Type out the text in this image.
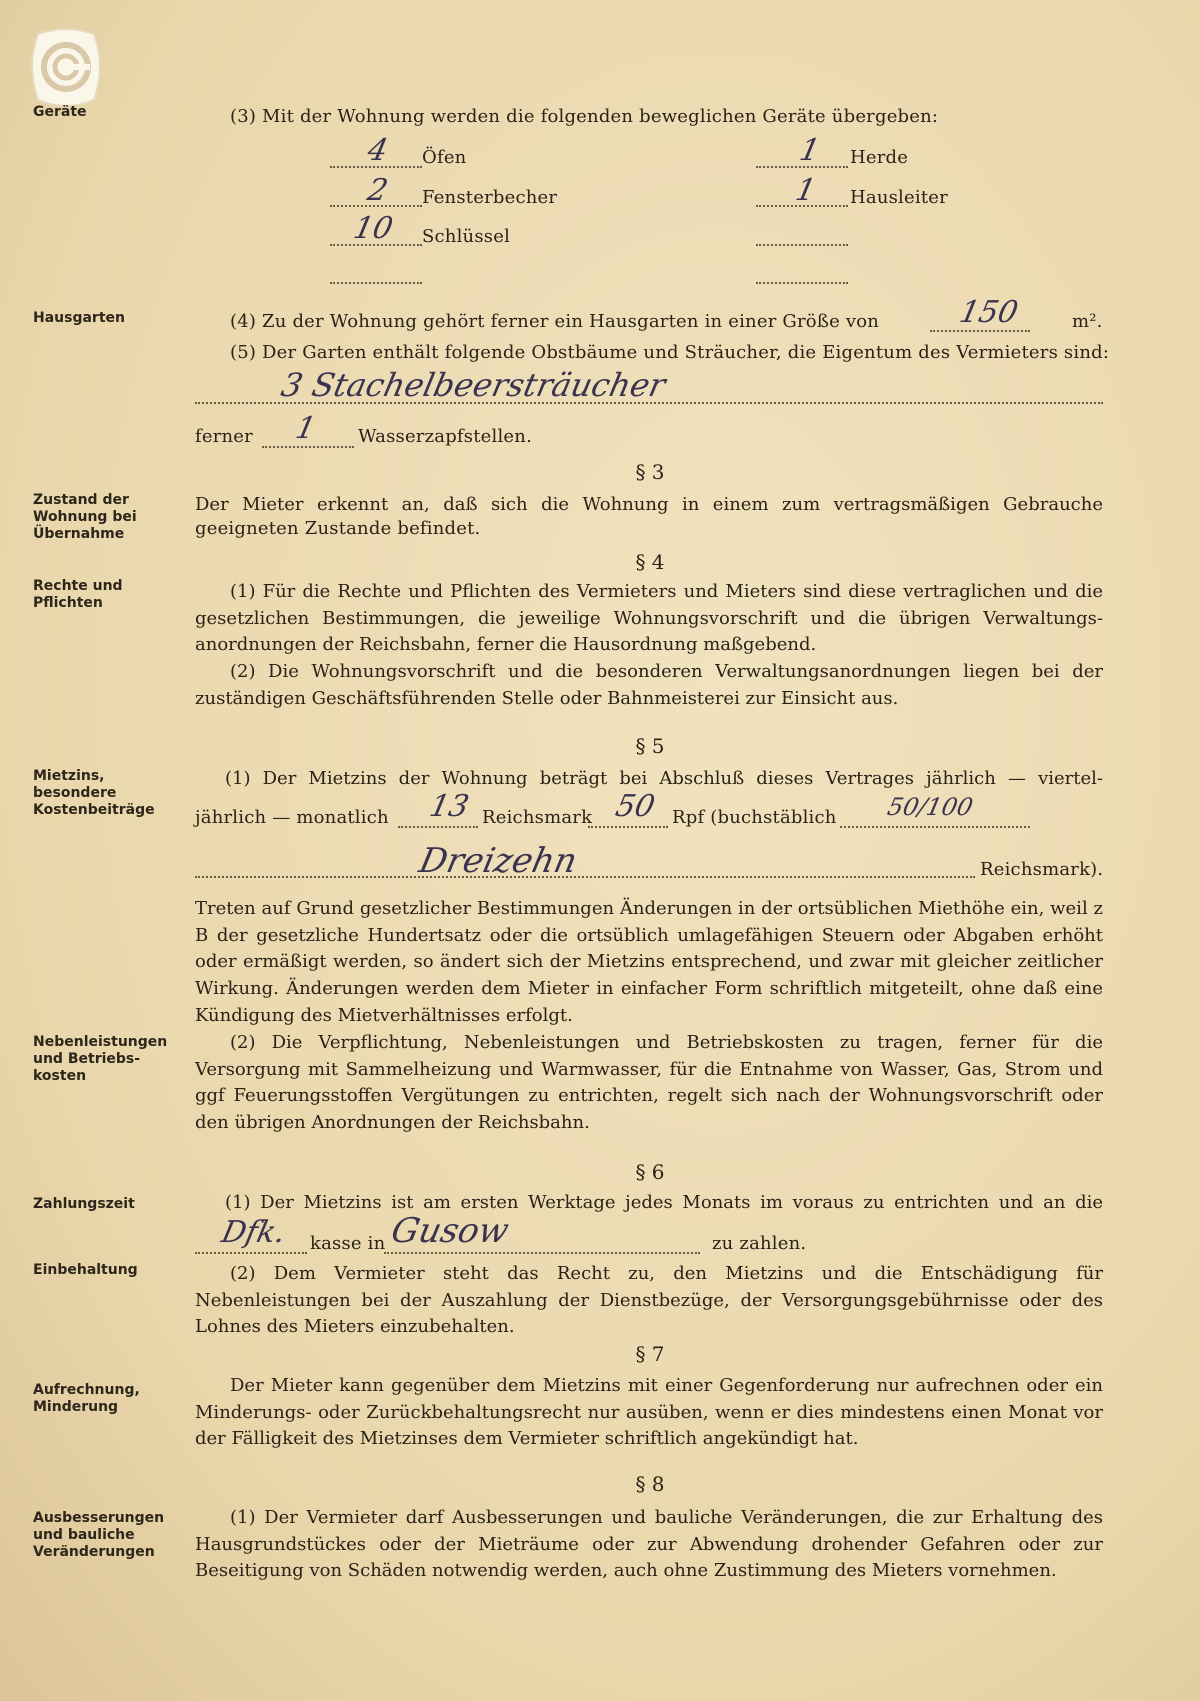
Geräte
Hausgarten
Zustand der
Wohnung bei
Übernahme
Rechte und
Pflichten
Mietzins,
besondere
Kostenbeiträge
Nebenleistungen
und Betriebs-
kosten
Zahlungszeit
Einbehaltung
Aufrechnung,
Minderung
Ausbesserungen
und bauliche
Veränderungen
(3) Mit der Wohnung werden die folgenden beweglichen Geräte übergeben:
4 Öfen	1 Herde
2 Fensterbecher	1 Hausleiter
10 Schlüssel
(4) Zu der Wohnung gehört ferner ein Hausgarten in einer Größe von	150	m².
(5) Der Garten enthält folgende Obstbäume und Sträucher, die Eigentum des Vermieters sind:
3 Stachelbeersträucher
ferner 1 Wasserzapfstellen.
§ 3
Der Mieter erkennt an, daß sich die Wohnung in einem zum vertragsmäßigen Gebrauche
geeigneten Zustande befindet.
§ 4
(1) Für die Rechte und Pflichten des Vermieters und Mieters sind diese vertraglichen und die gesetzlichen Bestimmungen, die jeweilige Wohnungsvorschrift und die übrigen Verwaltungs-anordnungen der Reichsbahn, ferner die Hausordnung maßgebend.
(2) Die Wohnungsvorschrift und die besonderen Verwaltungsanordnungen liegen bei der zuständigen Geschäftsführenden Stelle oder Bahnmeisterei zur Einsicht aus.
§ 5
(1) Der Mietzins der Wohnung beträgt bei Abschluß dieses Vertrages jährlich — viertel-
jährlich — monatlich 13 Reichsmark 50 Rpf (buchstäblich 50/100
Dreizehn	Reichsmark).
Treten auf Grund gesetzlicher Bestimmungen Änderungen in der ortsüblichen Miethöhe ein, weil z B der gesetzliche Hundertsatz oder die ortsüblich umlagefähigen Steuern oder Abgaben erhöht oder ermäßigt werden, so ändert sich der Mietzins entsprechend, und zwar mit gleicher zeitlicher Wirkung. Änderungen werden dem Mieter in einfacher Form schriftlich mitgeteilt, ohne daß eine Kündigung des Mietverhältnisses erfolgt.
(2) Die Verpflichtung, Nebenleistungen und Betriebskosten zu tragen, ferner für die Versorgung mit Sammelheizung und Warmwasser, für die Entnahme von Wasser, Gas, Strom und ggf Feuerungsstoffen Vergütungen zu entrichten, regelt sich nach der Wohnungsvorschrift oder den übrigen Anordnungen der Reichsbahn.
§ 6
(1) Der Mietzins ist am ersten Werktage jedes Monats im voraus zu entrichten und an die
Dfk. kasse in Gusow	zu zahlen.
(2) Dem Vermieter steht das Recht zu, den Mietzins und die Entschädigung für Nebenleistungen bei der Auszahlung der Dienstbezüge, der Versorgungsgebührnisse oder des Lohnes des Mieters einzubehalten.
§ 7
Der Mieter kann gegenüber dem Mietzins mit einer Gegenforderung nur aufrechnen oder ein Minderungs- oder Zurückbehaltungsrecht nur ausüben, wenn er dies mindestens einen Monat vor der Fälligkeit des Mietzinses dem Vermieter schriftlich angekündigt hat.
§ 8
(1) Der Vermieter darf Ausbesserungen und bauliche Veränderungen, die zur Erhaltung des Hausgrundstückes oder der Mieträume oder zur Abwendung drohender Gefahren oder zur Beseitigung von Schäden notwendig werden, auch ohne Zustimmung des Mieters vornehmen.
